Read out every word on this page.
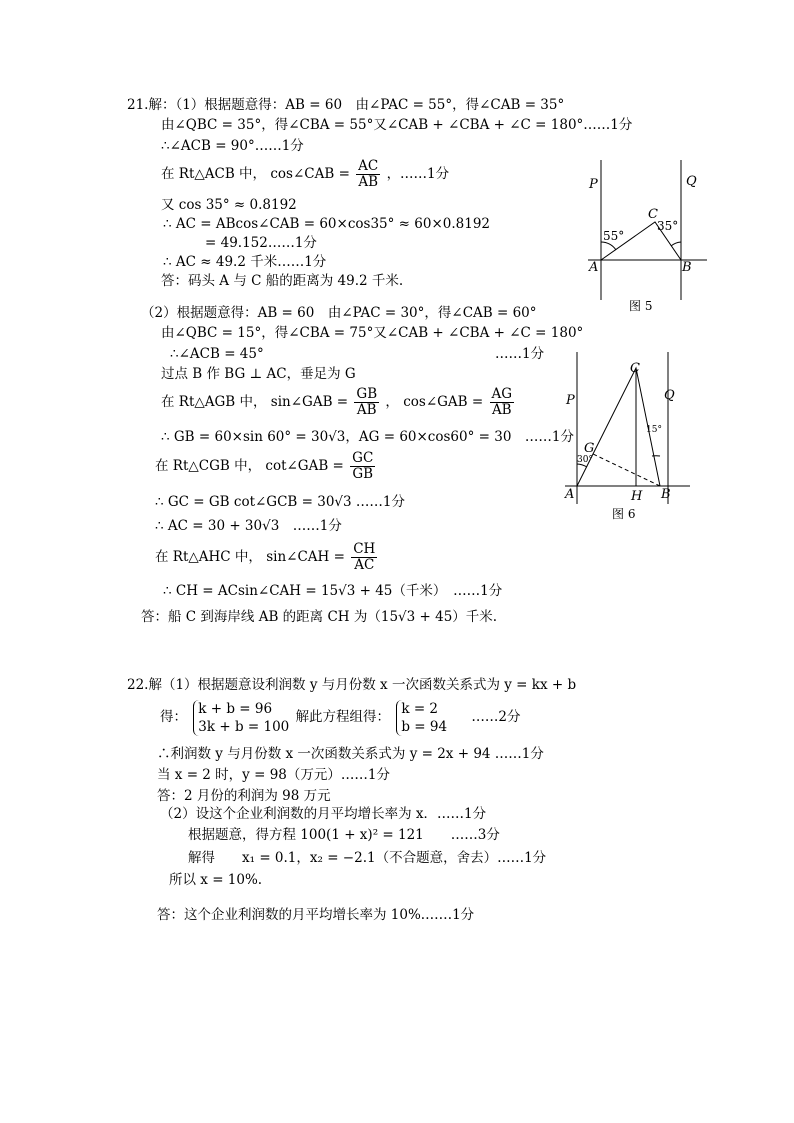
21.解：（1）根据题意得：AB = 60　由∠PAC = 55°，得∠CAB = 35°
由∠QBC = 35°，得∠CBA = 55°又∠CAB + ∠CBA + ∠C = 180°……1分
∴∠ACB = 90°……1分
在 Rt△ACB 中， cos∠CAB = $\frac{AC}{AB}$ ，……1分
又 cos 35° ≈ 0.8192
∴ AC = ABcos∠CAB = 60×cos35° ≈ 60×0.8192
= 49.152……1分
∴ AC ≈ 49.2 千米……1分
答：码头 A 与 C 船的距离为 49.2 千米.
P	Q
C
A	B
55°
35°
图 5
（2）根据题意得：AB = 60　由∠PAC = 30°，得∠CAB = 60°
由∠QBC = 15°，得∠CBA = 75°又∠CAB + ∠CBA + ∠C = 180°
∴∠ACB = 45°	……1分
过点 B 作 BG ⊥ AC，垂足为 G
在 Rt△AGB 中， sin∠GAB = $\frac{GB}{AB}$ ， cos∠GAB = $\frac{AG}{AB}$
∴ GB = 60×sin 60° = 30√3，AG = 60×cos60° = 30　……1分
在 Rt△CGB 中， cot∠GAB = $\frac{GC}{GB}$
∴ GC = GB cot∠GCB = 30√3 ……1分
∴ AC = 30 + 30√3　……1分
在 Rt△AHC 中， sin∠CAH = $\frac{CH}{AC}$
∴ CH = ACsin∠CAH = 15√3 + 45（千米）　……1分
答：船 C 到海岸线 AB 的距离 CH 为（15√3 + 45）千米.
P	Q
C
G
A	H B
30°
15°
图 6
22.解（1）根据题意设利润数 y 与月份数 x 一次函数关系式为 y = kx + b
得：
k + b = 96
3k + b = 100
解此方程组得：
k = 2
b = 94
……2分
∴利润数 y 与月份数 x 一次函数关系式为 y = 2x + 94 ……1分
当 x = 2 时，y = 98（万元）……1分
答：2 月份的利润为 98 万元
（2）设这个企业利润数的月平均增长率为 x．……1分
根据题意，得方程 100(1 + x)² = 121　　……3分
解得　　x₁ = 0.1，x₂ = −2.1（不合题意，舍去）……1分
所以 x = 10%.
答：这个企业利润数的月平均增长率为 10%.……1分
